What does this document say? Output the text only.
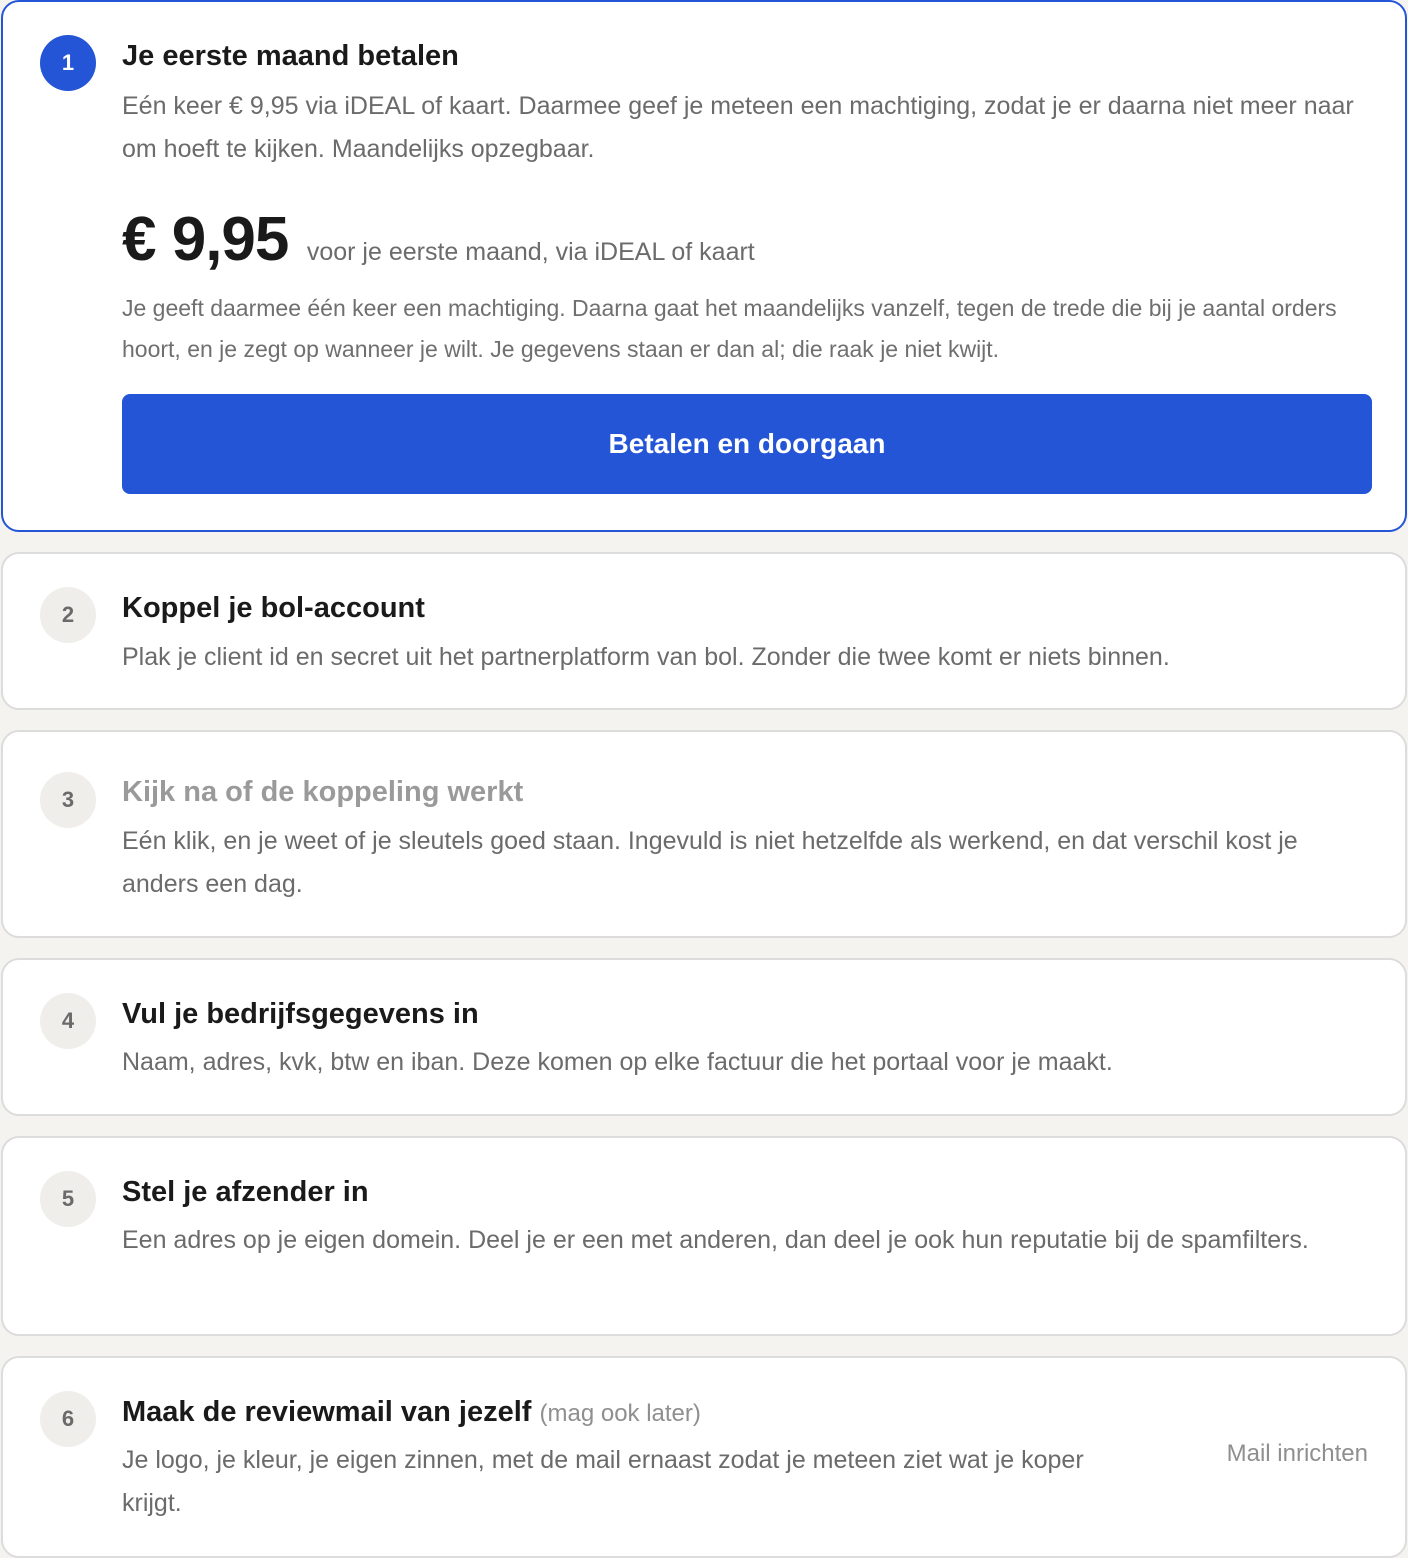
1	Je eerste maand betalen
Eén keer € 9,95 via iDEAL of kaart. Daarmee geef je meteen een machtiging, zodat je er daarna niet meer naar om hoeft te kijken. Maandelijks opzegbaar.
€ 9,95 voor je eerste maand, via iDEAL of kaart
Je geeft daarmee één keer een machtiging. Daarna gaat het maandelijks vanzelf, tegen de trede die bij je aantal orders hoort, en je zegt op wanneer je wilt. Je gegevens staan er dan al; die raak je niet kwijt.
Betalen en doorgaan
2	Koppel je bol-account
Plak je client id en secret uit het partnerplatform van bol. Zonder die twee komt er niets binnen.
3	Kijk na of de koppeling werkt
Eén klik, en je weet of je sleutels goed staan. Ingevuld is niet hetzelfde als werkend, en dat verschil kost je anders een dag.
4	Vul je bedrijfsgegevens in
Naam, adres, kvk, btw en iban. Deze komen op elke factuur die het portaal voor je maakt.
5	Stel je afzender in
Een adres op je eigen domein. Deel je er een met anderen, dan deel je ook hun reputatie bij de spamfilters.
6	Maak de reviewmail van jezelf (mag ook later)
Je logo, je kleur, je eigen zinnen, met de mail ernaast zodat je meteen ziet wat je koper krijgt.
Mail inrichten
